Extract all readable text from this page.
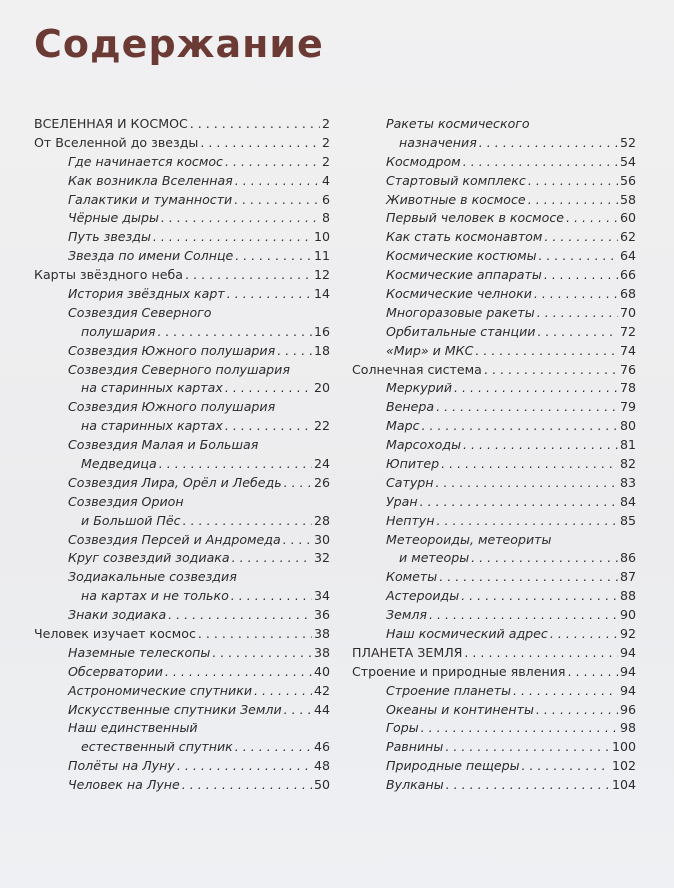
Содержание
ВСЕЛЕННАЯ И КОСМОС . . .	2
От Вселенной до звезды . . .	2
Где начинается космос . . .	2
Как возникла Вселенная . . .	4
Галактики и туманности . . .	6
Чёрные дыры . . .	8
Путь звезды . . .	10
Звезда по имени Солнце . . .	11
Карты звёздного неба . . .	12
История звёздных карт . . .	14
Созвездия Северного
полушария . . .	16
Созвездия Южного полушария . . .	18
Созвездия Северного полушария
на старинных картах . . .	20
Созвездия Южного полушария
на старинных картах . . .	22
Созвездия Малая и Большая
Медведица . . .	24
Созвездия Лира, Орёл и Лебедь . . .	26
Созвездия Орион
и Большой Пёс . . .	28
Созвездия Персей и Андромеда . . .	30
Круг созвездий зодиака . . .	32
Зодиакальные созвездия
на картах и не только . . .	34
Знаки зодиака . . .	36
Человек изучает космос . . .	38
Наземные телескопы . . .	38
Обсерватории . . .	40
Астрономические спутники . . .	42
Искусственные спутники Земли . . .	44
Наш единственный
естественный спутник . . .	46
Полёты на Луну . . .	48
Человек на Луне . . .	50
Ракеты космического
назначения . . .	52
Космодром . . .	54
Стартовый комплекс . . .	56
Животные в космосе . . .	58
Первый человек в космосе . . .	60
Как стать космонавтом . . .	62
Космические костюмы . . .	64
Космические аппараты . . .	66
Космические челноки . . .	68
Многоразовые ракеты . . .	70
Орбитальные станции . . .	72
«Мир» и МКС . . .	74
Солнечная система . . .	76
Меркурий . . .	78
Венера . . .	79
Марс . . .	80
Марсоходы . . .	81
Юпитер . . .	82
Сатурн . . .	83
Уран . . .	84
Нептун . . .	85
Метеороиды, метеориты
и метеоры . . .	86
Кометы . . .	87
Астероиды . . .	88
Земля . . .	90
Наш космический адрес . . .	92
ПЛАНЕТА ЗЕМЛЯ . . .	94
Строение и природные явления . . .	94
Строение планеты . . .	94
Океаны и континенты . . .	96
Горы . . .	98
Равнины . . .	100
Природные пещеры . . .	102
Вулканы . . .	104
